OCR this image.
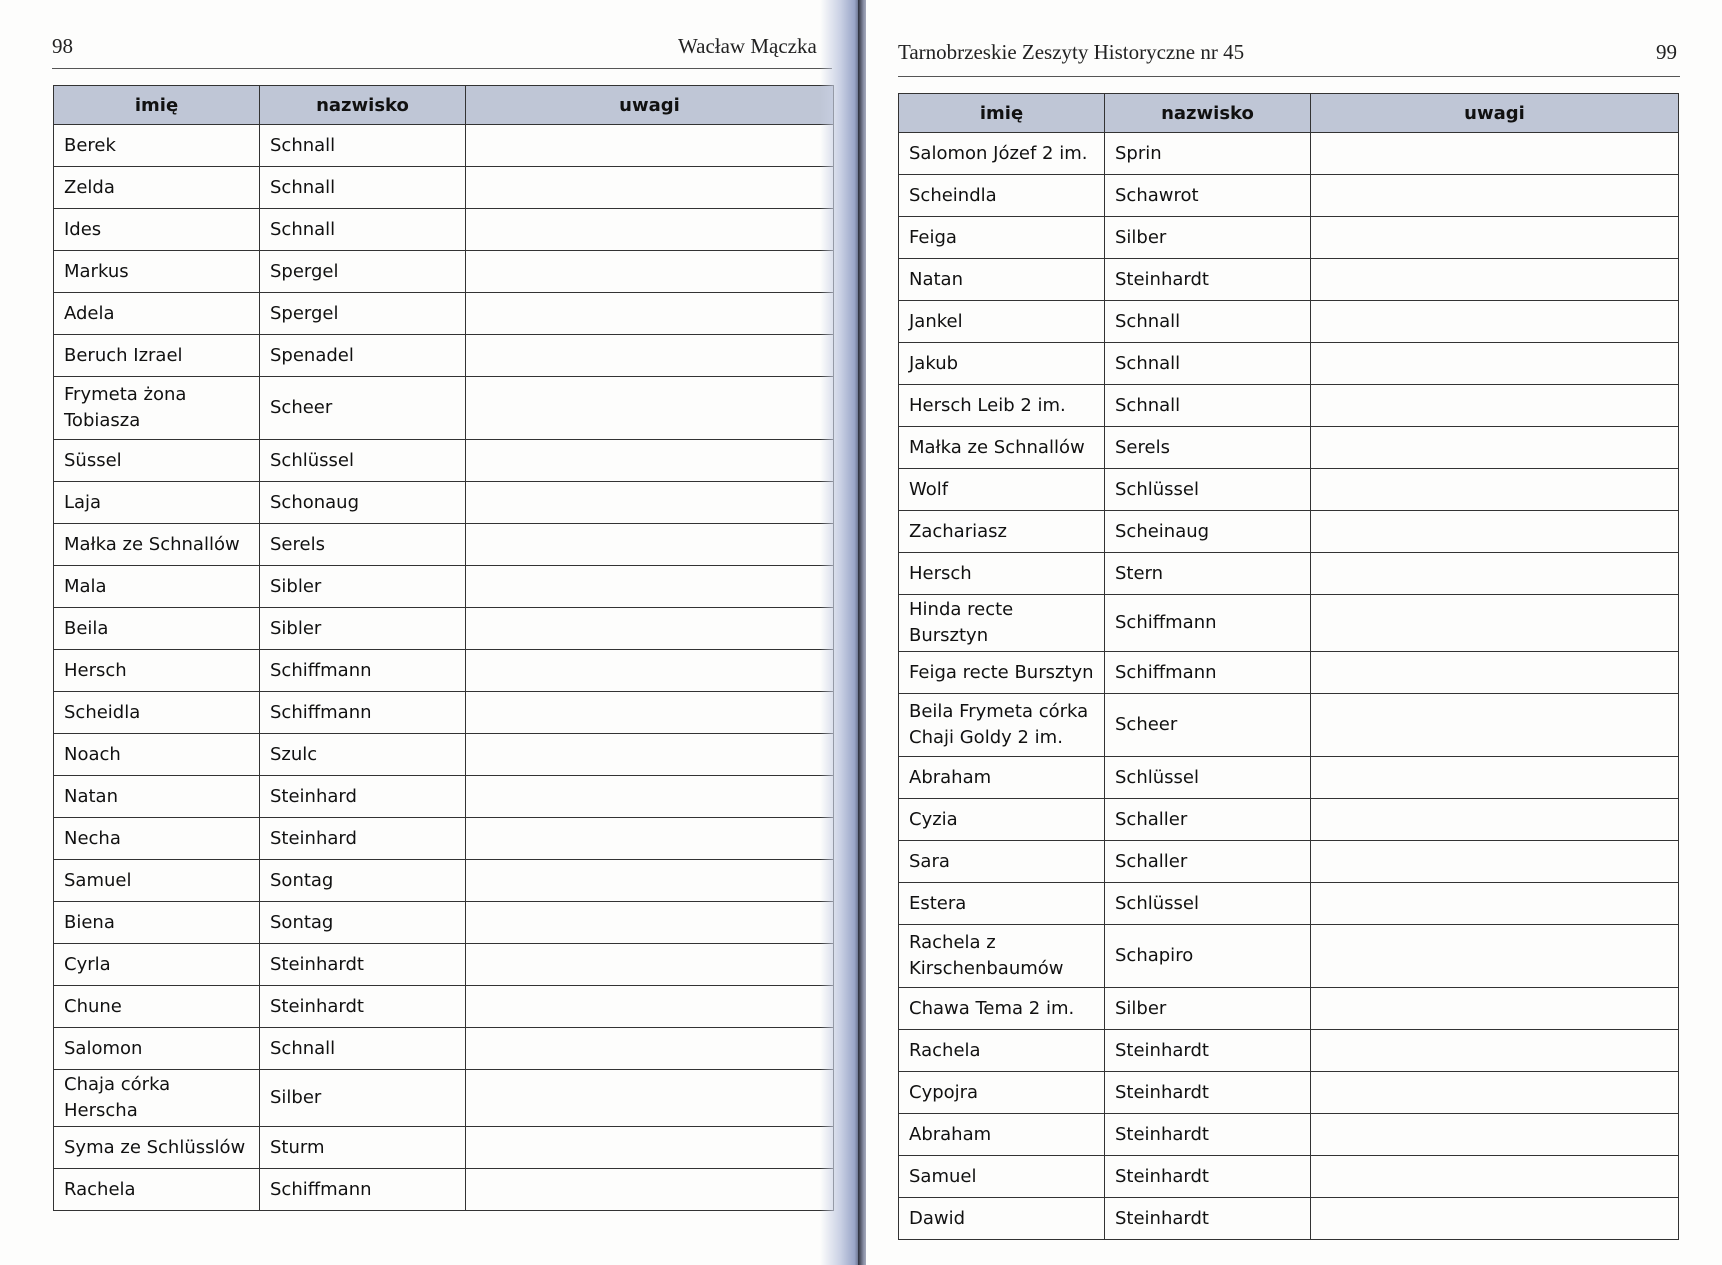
98	Wacław Mączka
imię	nazwisko	uwagi
Berek	Schnall	
Zelda	Schnall	
Ides	Schnall	
Markus	Spergel	
Adela	Spergel	
Beruch Izrael	Spenadel	
Frymeta żona Tobiasza	Scheer	
Süssel	Schlüssel	
Laja	Schonaug	
Małka ze Schnallów	Serels	
Mala	Sibler	
Beila	Sibler	
Hersch	Schiffmann	
Scheidla	Schiffmann	
Noach	Szulc	
Natan	Steinhard	
Necha	Steinhard	
Samuel	Sontag	
Biena	Sontag	
Cyrla	Steinhardt	
Chune	Steinhardt	
Salomon	Schnall	
Chaja córka Herscha	Silber	
Syma ze Schlüsslów	Sturm	
Rachela	Schiffmann	
Tarnobrzeskie Zeszyty Historyczne nr 45	99
imię	nazwisko	uwagi
Salomon Józef 2 im.	Sprin	
Scheindla	Schawrot	
Feiga	Silber	
Natan	Steinhardt	
Jankel	Schnall	
Jakub	Schnall	
Hersch Leib 2 im.	Schnall	
Małka ze Schnallów	Serels	
Wolf	Schlüssel	
Zachariasz	Scheinaug	
Hersch	Stern	
Hinda recte Bursztyn	Schiffmann	
Feiga recte Bursztyn	Schiffmann	
Beila Frymeta córka Chaji Goldy 2 im.	Scheer	
Abraham	Schlüssel	
Cyzia	Schaller	
Sara	Schaller	
Estera	Schlüssel	
Rachela z Kirschenbaumów	Schapiro	
Chawa Tema 2 im.	Silber	
Rachela	Steinhardt	
Cypojra	Steinhardt	
Abraham	Steinhardt	
Samuel	Steinhardt	
Dawid	Steinhardt	
